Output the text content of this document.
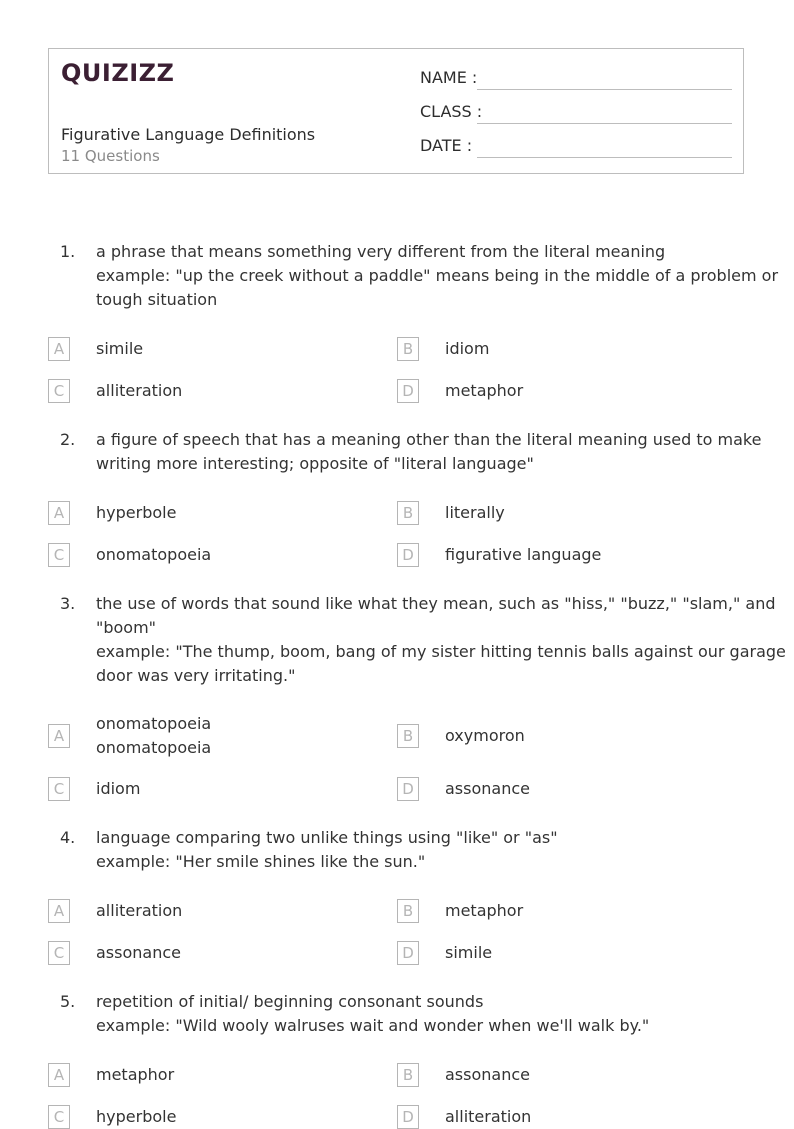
QUIZIZZ
Figurative Language Definitions
11 Questions
NAME :
CLASS :
DATE :
1. a phrase that means something very different from the literal meaning
example: "up the creek without a paddle" means being in the middle of a problem or
tough situation
A	simile	B	idiom
C	alliteration	D	metaphor
2. a figure of speech that has a meaning other than the literal meaning used to make
writing more interesting; opposite of "literal language"
A	hyperbole	B	literally
C	onomatopoeia	D	figurative language
3. the use of words that sound like what they mean, such as "hiss," "buzz," "slam," and
"boom"
example: "The thump, boom, bang of my sister hitting tennis balls against our garage
door was very irritating."
A
onomatopoeia
onomatopoeia
B	oxymoron
C	idiom	D	assonance
4. language comparing two unlike things using "like" or "as"
example: "Her smile shines like the sun."
A	alliteration	B	metaphor
C	assonance	D	simile
5. repetition of initial/ beginning consonant sounds
example: "Wild wooly walruses wait and wonder when we'll walk by."
A	metaphor	B	assonance
C	hyperbole	D	alliteration
